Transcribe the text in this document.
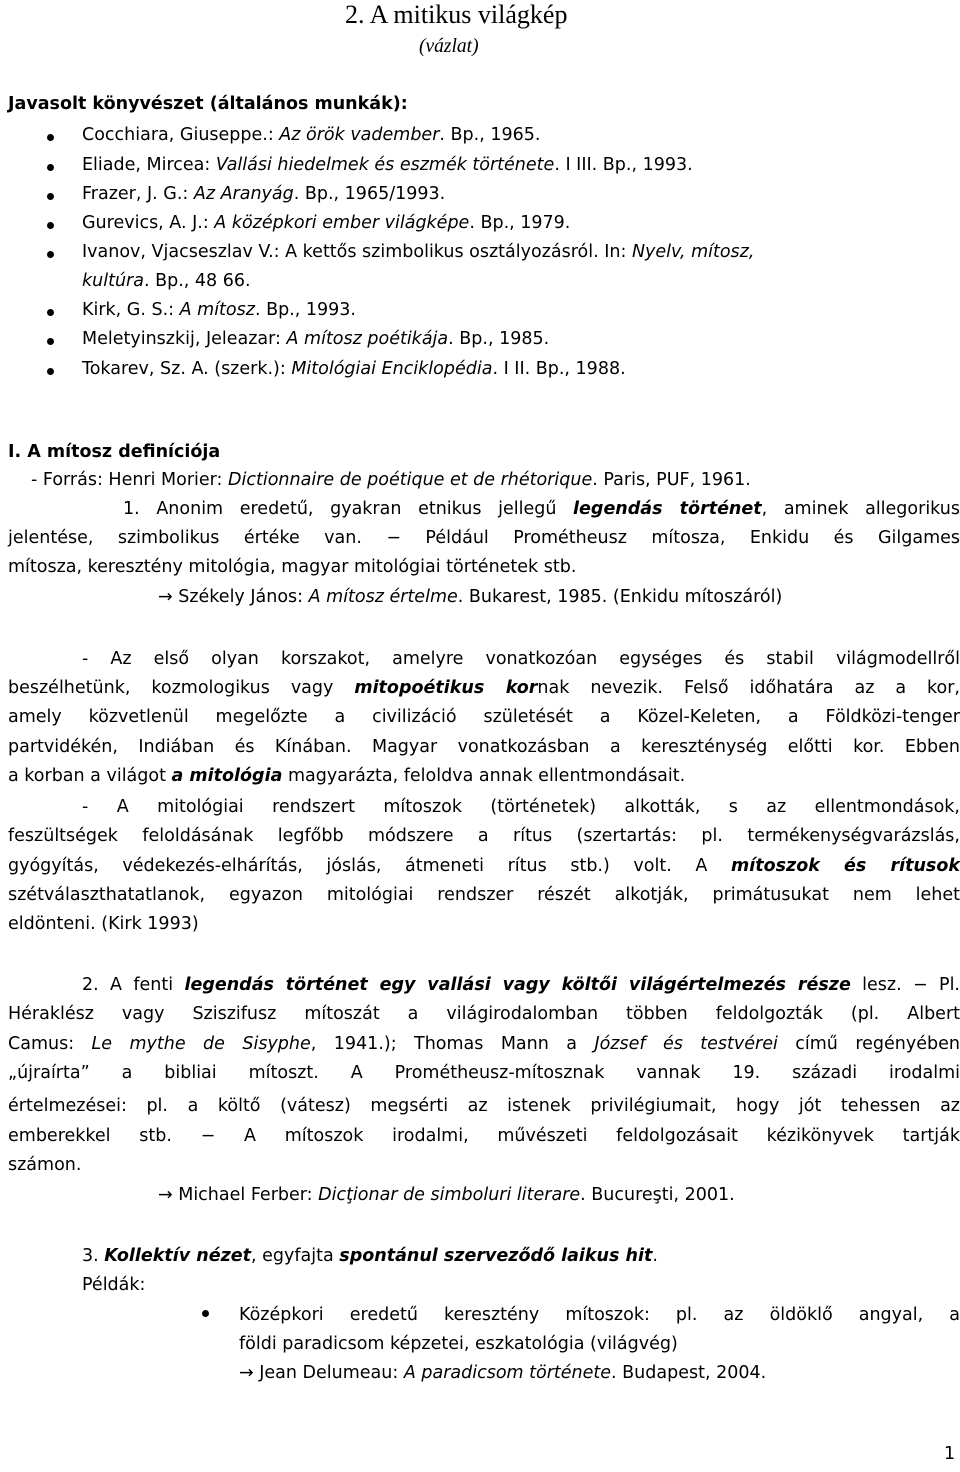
2. A mitikus világkép
(vázlat)
Javasolt könyvészet (általános munkák):
Cocchiara, Giuseppe.: Az örök vadember. Bp., 1965.
Eliade, Mircea: Vallási hiedelmek és eszmék története. I III. Bp., 1993.
Frazer, J. G.: Az Aranyág. Bp., 1965/1993.
Gurevics, A. J.: A középkori ember világképe. Bp., 1979.
Ivanov, Vjacseszlav V.: A kettős szimbolikus osztályozásról. In: Nyelv, mítosz,
kultúra. Bp., 48 66.
Kirk, G. S.: A mítosz. Bp., 1993.
Meletyinszkij, Jeleazar: A mítosz poétikája. Bp., 1985.
Tokarev, Sz. A. (szerk.): Mitológiai Enciklopédia. I II. Bp., 1988.
I. A mítosz definíciója
- Forrás: Henri Morier: Dictionnaire de poétique et de rhétorique. Paris, PUF, 1961.
1. Anonim eredetű, gyakran etnikus jellegű legendás történet, aminek allegorikus
jelentése, szimbolikus értéke van. − Például Prométheusz mítosza, Enkidu és Gilgames
mítosza, keresztény mitológia, magyar mitológiai történetek stb.
→ Székely János: A mítosz értelme. Bukarest, 1985. (Enkidu mítoszáról)
- Az első olyan korszakot, amelyre vonatkozóan egységes és stabil világmodellről
beszélhetünk, kozmologikus vagy mitopoétikus kornak nevezik. Felső időhatára az a kor,
amely közvetlenül megelőzte a civilizáció születését a Közel-Keleten, a Földközi-tenger
partvidékén, Indiában és Kínában. Magyar vonatkozásban a kereszténység előtti kor. Ebben
a korban a világot a mitológia magyarázta, feloldva annak ellentmondásait.
- A mitológiai rendszert mítoszok (történetek) alkották, s az ellentmondások,
feszültségek feloldásának legfőbb módszere a rítus (szertartás: pl. termékenységvarázslás,
gyógyítás, védekezés-elhárítás, jóslás, átmeneti rítus stb.) volt. A mítoszok és rítusok
szétválaszthatatlanok, egyazon mitológiai rendszer részét alkotják, primátusukat nem lehet
eldönteni. (Kirk 1993)
2. A fenti legendás történet egy vallási vagy költői világértelmezés része lesz. − Pl.
Héraklész vagy Sziszifusz mítoszát a világirodalomban többen feldolgozták (pl. Albert
Camus: Le mythe de Sisyphe, 1941.); Thomas Mann a József és testvérei című regényében
„újraírta” a bibliai mítoszt. A Prométheusz-mítosznak vannak 19. századi irodalmi
értelmezései: pl. a költő (vátesz) megsérti az istenek privilégiumait, hogy jót tehessen az
emberekkel stb. − A mítoszok irodalmi, művészeti feldolgozásait kézikönyvek tartják
számon.
→ Michael Ferber: Dicţionar de simboluri literare. Bucureşti, 2001.
3. Kollektív nézet, egyfajta spontánul szerveződő laikus hit.
Példák:
Középkori eredetű keresztény mítoszok: pl. az öldöklő angyal, a
földi paradicsom képzetei, eszkatológia (világvég)
→ Jean Delumeau: A paradicsom története. Budapest, 2004.
1
